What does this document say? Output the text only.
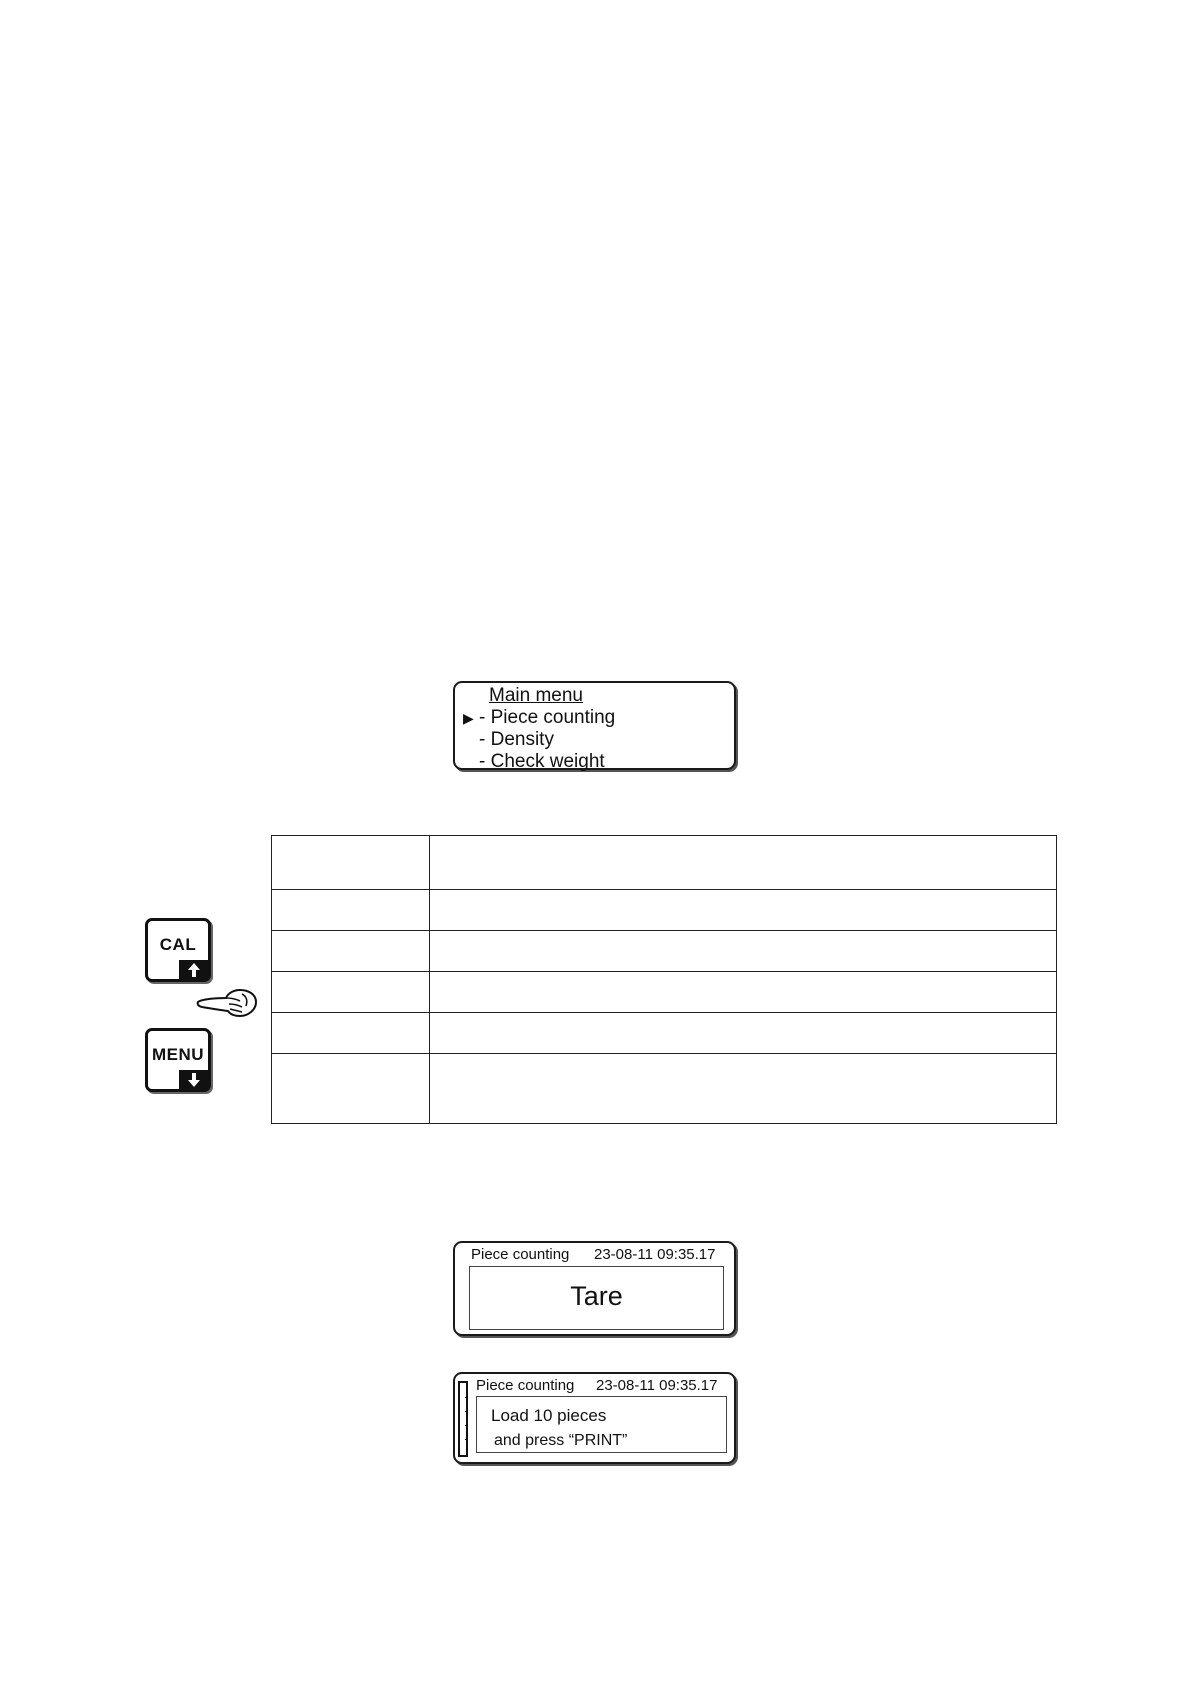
Main menu
▶ - Piece counting
- Density
- Check weight

CAL
MENU
Piece counting 23-08-11 09:35.17
Tare
Piece counting 23-08-11 09:35.17
Load 10 pieces
and press “PRINT”
